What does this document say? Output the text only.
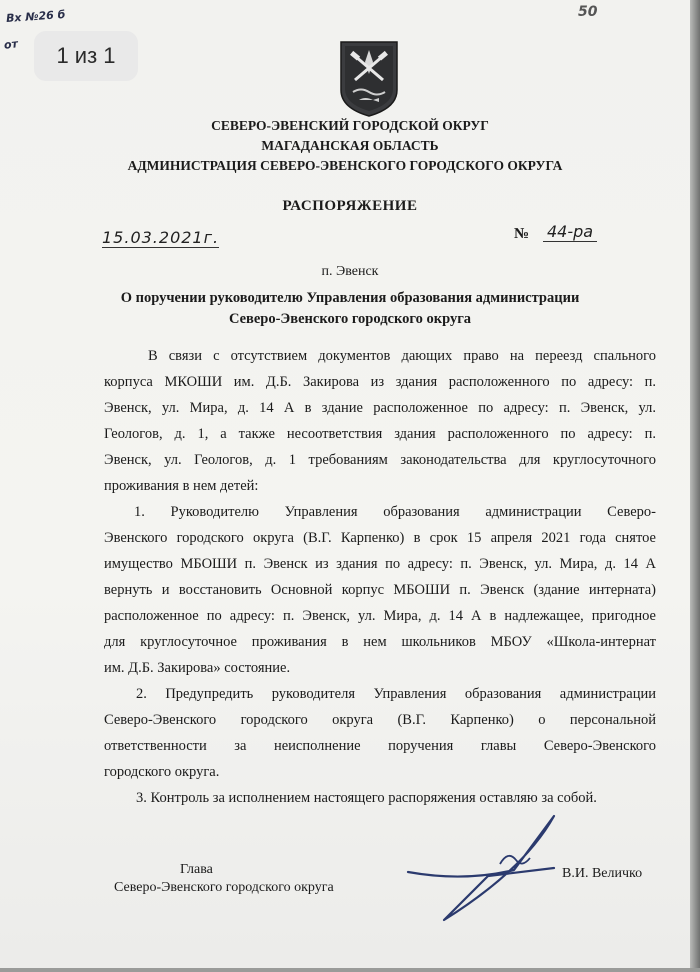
Вх №26 б
от
50
1 из 1
СЕВЕРО-ЭВЕНСКИЙ ГОРОДСКОЙ ОКРУГ
МАГАДАНСКАЯ ОБЛАСТЬ
АДМИНИСТРАЦИЯ СЕВЕРО-ЭВЕНСКОГО ГОРОДСКОГО ОКРУГА
РАСПОРЯЖЕНИЕ
15.03.2021г.	№ 44-ра
п. Эвенск
О поручении руководителю Управления образования администрации
Северо-Эвенского городского округа
В связи с отсутствием документов дающих право на переезд спального
корпуса МКОШИ им. Д.Б. Закирова из здания расположенного по адресу: п.
Эвенск, ул. Мира, д. 14 А в здание расположенное по адресу: п. Эвенск, ул.
Геологов, д. 1, а также несоответствия здания расположенного по адресу: п.
Эвенск, ул. Геологов, д. 1 требованиям законодательства для круглосуточного
проживания в нем детей:
1. Руководителю Управления образования администрации Северо-
Эвенского городского округа (В.Г. Карпенко) в срок 15 апреля 2021 года снятое
имущество МБОШИ п. Эвенск из здания по адресу: п. Эвенск, ул. Мира, д. 14 А
вернуть и восстановить Основной корпус МБОШИ п. Эвенск (здание интерната)
расположенное по адресу: п. Эвенск, ул. Мира, д. 14 А в надлежащее, пригодное
для круглосуточное проживания в нем школьников МБОУ «Школа-интернат
им. Д.Б. Закирова» состояние.
2. Предупредить руководителя Управления образования администрации
Северо-Эвенского городского округа (В.Г. Карпенко) о персональной
ответственности за неисполнение поручения главы Северо-Эвенского
городского округа.
3. Контроль за исполнением настоящего распоряжения оставляю за собой.
Глава
Северо-Эвенского городского округа
В.И. Величко
